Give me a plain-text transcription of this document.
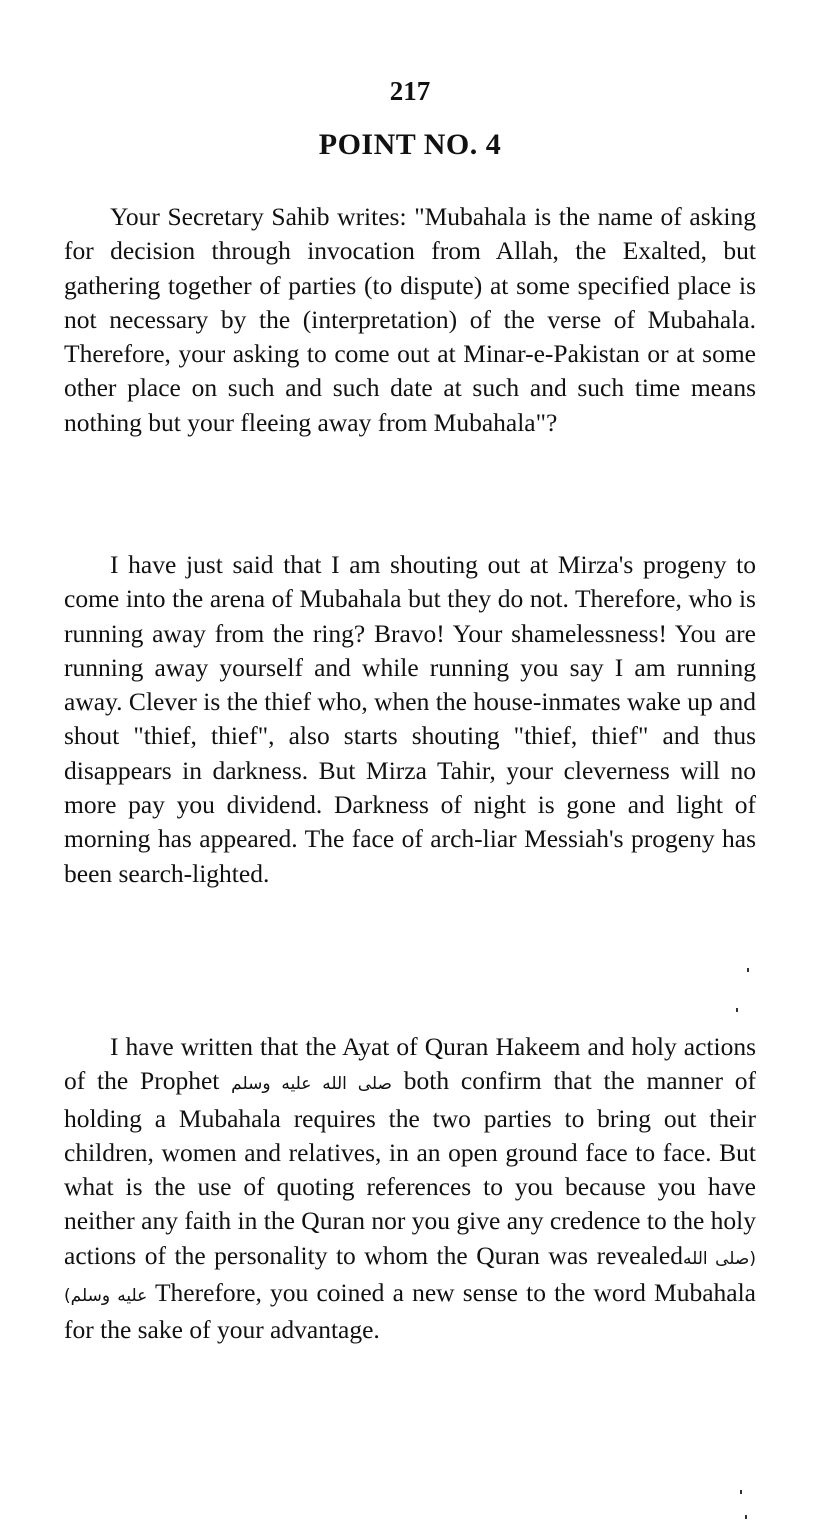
217
POINT NO. 4

Your Secretary Sahib writes: "Mubahala is the name of asking for decision through invocation from Allah, the Exalted, but gathering together of parties (to dispute) at some specified place is not necessary by the (interpretation) of the verse of Mubahala. Therefore, your asking to come out at Minar-e-Pakistan or at some other place on such and such date at such and such time means nothing but your fleeing away from Mubahala"?

I have just said that I am shouting out at Mirza's progeny to come into the arena of Mubahala but they do not. Therefore, who is running away from the ring? Bravo! Your shamelessness! You are running away yourself and while running you say I am running away. Clever is the thief who, when the house-inmates wake up and shout "thief, thief", also starts shouting "thief, thief" and thus disappears in darkness. But Mirza Tahir, your cleverness will no more pay you dividend. Darkness of night is gone and light of morning has appeared. The face of arch-liar Messiah's progeny has been search-lighted.

I have written that the Ayat of Quran Hakeem and holy actions of the Prophet صلى الله عليه وسلم both confirm that the manner of holding a Mubahala requires the two parties to bring out their children, women and relatives, in an open ground face to face. But what is the use of quoting references to you because you have neither any faith in the Quran nor you give any credence to the holy actions of the personality to whom the Quran was revealed(صلى الله عليه وسلم) Therefore, you coined a new sense to the word Mubahala for the sake of your advantage.
